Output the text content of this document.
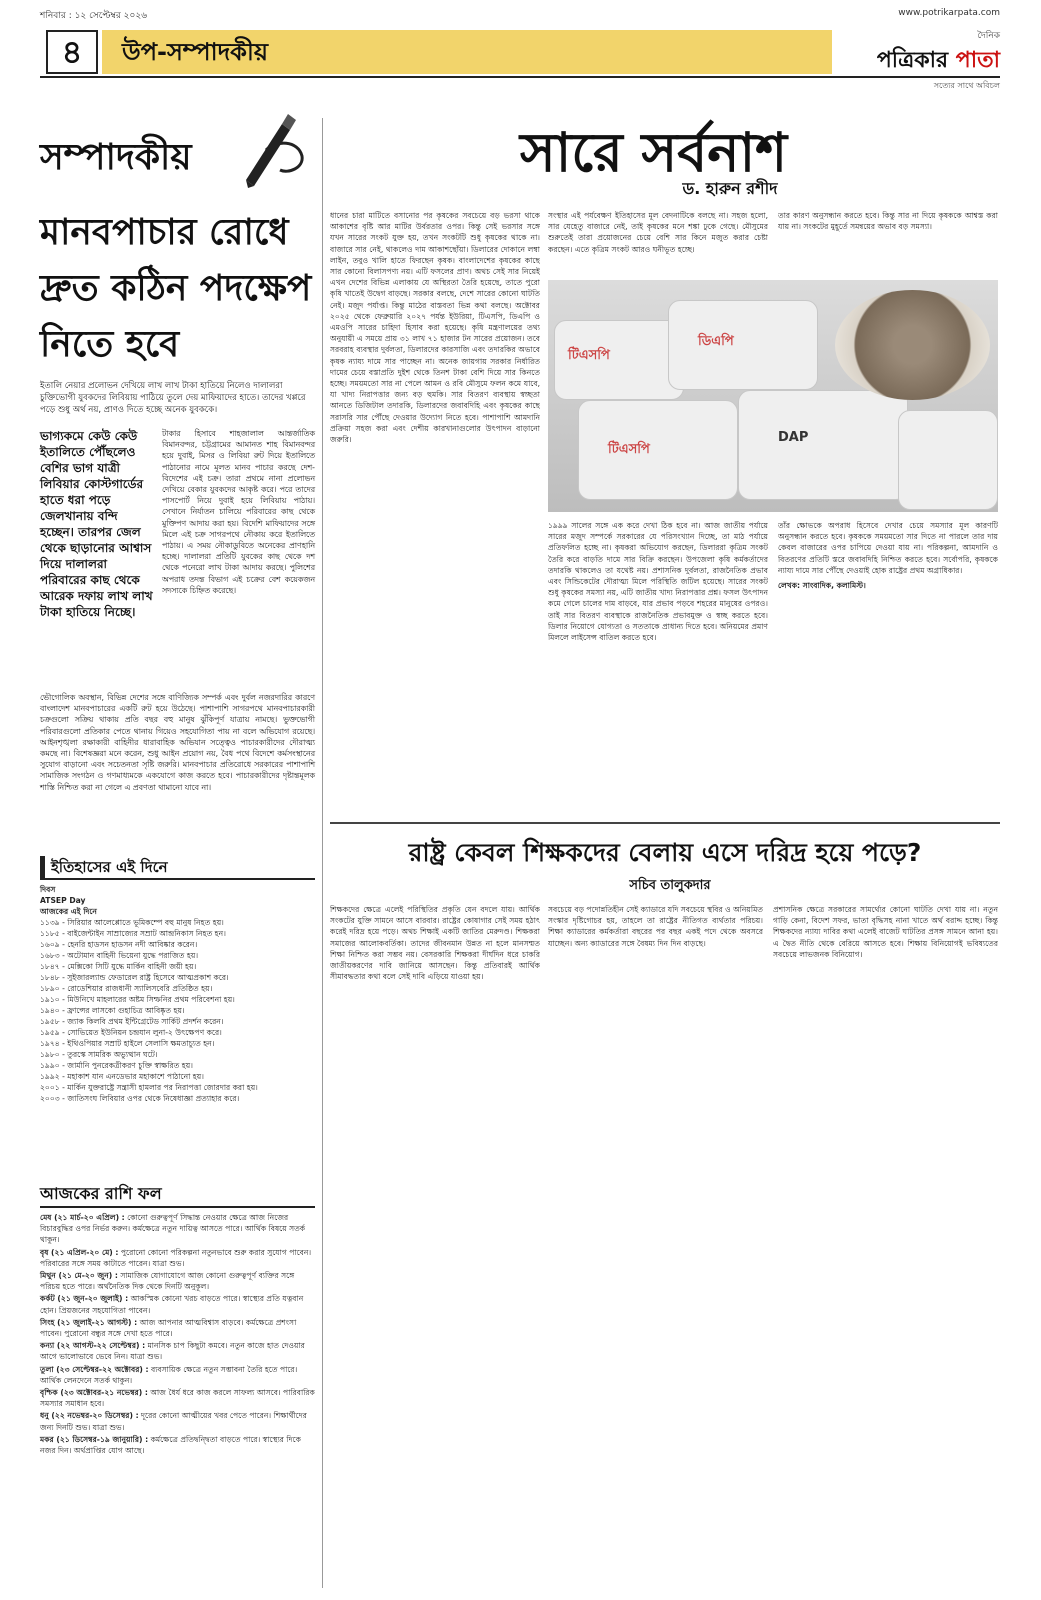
শনিবার : ১২ সেপ্টেম্বর ২০২৬	www.potrikarpata.com
৪	উপ-সম্পাদকীয়
দৈনিক
পত্রিকার পাতা
সত্যের সাথে অবিচল
সম্পাদকীয়
মানবপাচার রোধে দ্রুত কঠিন পদক্ষেপ নিতে হবে
ইতালি নেয়ার প্রলোভন দেখিয়ে লাখ লাখ টাকা হাতিয়ে নিলেও দালালরা চুক্তিভোগী যুবকদের লিবিয়ায় পাঠিয়ে তুলে দেয় মাফিয়াদের হাতে। তাদের খপ্পরে পড়ে শুধু অর্থ নয়, প্রাণও দিতে হচ্ছে অনেক যুবককে।
ভাগ্যকমে কেউ কেউ ইতালিতে পৌঁছলেও বেশির ভাগ যাত্রী লিবিয়ার কোস্টগার্ডের হাতে ধরা পড়ে জেলখানায় বন্দি হচ্ছেন। তারপর জেল থেকে ছাড়ানোর আশ্বাস দিয়ে দালালরা পরিবারের কাছ থেকে আরেক দফায় লাখ লাখ টাকা হাতিয়ে নিচ্ছে।
টাকার হিসাবে শাহজালাল আন্তর্জাতিক বিমানবন্দর, চট্টগ্রামের আমানত শাহ বিমানবন্দর হয়ে দুবাই, মিসর ও লিবিয়া রুট দিয়ে ইতালিতে পাঠানোর নামে মূলত মানব পাচার করছে দেশ-বিদেশের এই চক্র। তারা প্রথমে নানা প্রলোভন দেখিয়ে বেকার যুবকদের আকৃষ্ট করে। পরে তাদের পাসপোর্ট নিয়ে দুবাই হয়ে লিবিয়ায় পাঠায়। সেখানে নির্যাতন চালিয়ে পরিবারের কাছ থেকে মুক্তিপণ আদায় করা হয়। বিদেশি মাফিয়াদের সঙ্গে মিলে এই চক্র সাগরপথে নৌকায় করে ইতালিতে পাঠায়। এ সময় নৌকাডুবিতে অনেকের প্রাণহানি হচ্ছে। দালালরা প্রতিটি যুবকের কাছ থেকে দশ থেকে পনেরো লাখ টাকা আদায় করছে। পুলিশের অপরাধ তদন্ত বিভাগ এই চক্রের বেশ কয়েকজন সদস্যকে চিহ্নিত করেছে।
ভৌগোলিক অবস্থান, বিভিন্ন দেশের সঙ্গে বাণিজ্যিক সম্পর্ক এবং দুর্বল নজরদারির কারণে বাংলাদেশ মানবপাচারের একটি রুট হয়ে উঠেছে। পাশাপাশি সাগরপথে মানবপাচারকারী চক্রগুলো সক্রিয় থাকায় প্রতি বছর বহু মানুষ ঝুঁকিপূর্ণ যাত্রায় নামছে। ভুক্তভোগী পরিবারগুলো প্রতিকার পেতে থানায় গিয়েও সহযোগিতা পায় না বলে অভিযোগ রয়েছে। আইনশৃঙ্খলা রক্ষাকারী বাহিনীর ধারাবাহিক অভিযান সত্ত্বেও পাচারকারীদের দৌরাত্ম্য কমছে না। বিশেষজ্ঞরা মনে করেন, শুধু আইন প্রয়োগ নয়, বৈধ পথে বিদেশে কর্মসংস্থানের সুযোগ বাড়ানো এবং সচেতনতা সৃষ্টি জরুরি। মানবপাচার প্রতিরোধে সরকারের পাশাপাশি সামাজিক সংগঠন ও গণমাধ্যমকে একযোগে কাজ করতে হবে। পাচারকারীদের দৃষ্টান্তমূলক শাস্তি নিশ্চিত করা না গেলে এ প্রবণতা থামানো যাবে না।
ইতিহাসের এই দিনে
দিবস
ATSEP Day
আজকের এই দিনে
১১৩৯ - সিরিয়ার আলেপ্পোতে ভূমিকম্পে বহু মানুষ নিহত হয়।
১১৮৫ - বাইজেন্টাইন সাম্রাজ্যের সম্রাট আন্দ্রনিকাস নিহত হন।
১৬০৯ - হেনরি হাডসন হাডসন নদী আবিষ্কার করেন।
১৬৮৩ - অটোমান বাহিনী ভিয়েনা যুদ্ধে পরাজিত হয়।
১৮৪৭ - মেক্সিকো সিটি যুদ্ধে মার্কিন বাহিনী জয়ী হয়।
১৮৪৮ - সুইজারল্যান্ড ফেডারেল রাষ্ট্র হিসেবে আত্মপ্রকাশ করে।
১৮৯০ - রোডেশিয়ার রাজধানী স্যালিসবেরি প্রতিষ্ঠিত হয়।
১৯১০ - মিউনিখে মাহলারের অষ্টম সিম্ফনির প্রথম পরিবেশনা হয়।
১৯৪০ - ফ্রান্সের লাসকো গুহাচিত্র আবিষ্কৃত হয়।
১৯৫৮ - জ্যাক কিলবি প্রথম ইন্টিগ্রেটেড সার্কিট প্রদর্শন করেন।
১৯৫৯ - সোভিয়েত ইউনিয়ন চন্দ্রযান লুনা-২ উৎক্ষেপণ করে।
১৯৭৪ - ইথিওপিয়ার সম্রাট হাইলে সেলাসি ক্ষমতাচ্যুত হন।
১৯৮০ - তুরস্কে সামরিক অভ্যুত্থান ঘটে।
১৯৯০ - জার্মানি পুনরেকত্রীকরণ চুক্তি স্বাক্ষরিত হয়।
১৯৯২ - মহাকাশ যান এনডেভার মহাকাশে পাঠানো হয়।
২০০১ - মার্কিন যুক্তরাষ্ট্রে সন্ত্রাসী হামলার পর নিরাপত্তা জোরদার করা হয়।
২০০৩ - জাতিসংঘ লিবিয়ার ওপর থেকে নিষেধাজ্ঞা প্রত্যাহার করে।
আজকের রাশি ফল
মেষ (২১ মার্চ-২০ এপ্রিল) : কোনো গুরুত্বপূর্ণ সিদ্ধান্ত নেওয়ার ক্ষেত্রে আজ নিজের বিচারবুদ্ধির ওপর নির্ভর করুন। কর্মক্ষেত্রে নতুন দায়িত্ব আসতে পারে। আর্থিক বিষয়ে সতর্ক থাকুন।
বৃষ (২১ এপ্রিল-২০ মে) : পুরোনো কোনো পরিকল্পনা নতুনভাবে শুরু করার সুযোগ পাবেন। পরিবারের সঙ্গে সময় কাটাতে পারেন। যাত্রা শুভ।
মিথুন (২১ মে-২০ জুন) : সামাজিক যোগাযোগে আজ কোনো গুরুত্বপূর্ণ ব্যক্তির সঙ্গে পরিচয় হতে পারে। অর্থনৈতিক দিক থেকে দিনটি অনুকূল।
কর্কট (২১ জুন-২০ জুলাই) : আকস্মিক কোনো খরচ বাড়তে পারে। স্বাস্থ্যের প্রতি যত্নবান হোন। প্রিয়জনের সহযোগিতা পাবেন।
সিংহ (২১ জুলাই-২১ আগস্ট) : আজ আপনার আত্মবিশ্বাস বাড়বে। কর্মক্ষেত্রে প্রশংসা পাবেন। পুরোনো বন্ধুর সঙ্গে দেখা হতে পারে।
কন্যা (২২ আগস্ট-২২ সেপ্টেম্বর) : মানসিক চাপ কিছুটা কমবে। নতুন কাজে হাত দেওয়ার আগে ভালোভাবে ভেবে নিন। যাত্রা শুভ।
তুলা (২৩ সেপ্টেম্বর-২২ অক্টোবর) : ব্যবসায়িক ক্ষেত্রে নতুন সম্ভাবনা তৈরি হতে পারে। আর্থিক লেনদেনে সতর্ক থাকুন।
বৃশ্চিক (২৩ অক্টোবর-২১ নভেম্বর) : আজ ধৈর্য ধরে কাজ করলে সাফল্য আসবে। পারিবারিক সমস্যার সমাধান হবে।
ধনু (২২ নভেম্বর-২০ ডিসেম্বর) : দূরের কোনো আত্মীয়ের খবর পেতে পারেন। শিক্ষার্থীদের জন্য দিনটি শুভ। যাত্রা শুভ।
মকর (২১ ডিসেম্বর-১৯ জানুয়ারি) : কর্মক্ষেত্রে প্রতিদ্বন্দ্বিতা বাড়তে পারে। স্বাস্থ্যের দিকে নজর দিন। অর্থপ্রাপ্তির যোগ আছে।
সারে সর্বনাশ
ড. হারুন রশীদ
ধানের চারা মাটিতে বসানোর পর কৃষকের সবচেয়ে বড় ভরসা থাকে আকাশের বৃষ্টি আর মাটির উর্বরতার ওপর। কিন্তু সেই ভরসার সঙ্গে যখন সারের সংকট যুক্ত হয়, তখন সংকটটি শুধু কৃষকের থাকে না। বাজারে সার নেই, থাকলেও দাম আকাশছোঁয়া। ডিলারের দোকানে লম্বা লাইন, তবুও খালি হাতে ফিরছেন কৃষক। বাংলাদেশের কৃষকের কাছে সার কোনো বিলাসপণ্য নয়। এটি ফসলের প্রাণ। অথচ সেই সার নিয়েই এখন দেশের বিভিন্ন এলাকায় যে অস্থিরতা তৈরি হয়েছে, তাতে পুরো কৃষি খাতেই উদ্বেগ বাড়ছে। সরকার বলছে, দেশে সারের কোনো ঘাটতি নেই। মজুদ পর্যাপ্ত। কিন্তু মাঠের বাস্তবতা ভিন্ন কথা বলছে। অক্টোবর ২০২৫ থেকে ফেব্রুয়ারি ২০২৭ পর্যন্ত ইউরিয়া, টিএসপি, ডিএপি ও এমওপি সারের চাহিদা হিসাব করা হয়েছে। কৃষি মন্ত্রণালয়ের তথ্য অনুযায়ী এ সময়ে প্রায় ৩১ লাখ ৭১ হাজার টন সারের প্রয়োজন। তবে সরবরাহ ব্যবস্থার দুর্বলতা, ডিলারদের কারসাজি এবং তদারকির অভাবে কৃষক ন্যায্য দামে সার পাচ্ছেন না। অনেক জায়গায় সরকার নির্ধারিত দামের চেয়ে বস্তাপ্রতি দুইশ থেকে তিনশ টাকা বেশি দিয়ে সার কিনতে হচ্ছে। সময়মতো সার না পেলে আমন ও রবি মৌসুমে ফলন কমে যাবে, যা খাদ্য নিরাপত্তার জন্য বড় হুমকি। সার বিতরণ ব্যবস্থায় স্বচ্ছতা আনতে ডিজিটাল তদারকি, ডিলারদের জবাবদিহি এবং কৃষকের কাছে সরাসরি সার পৌঁছে দেওয়ার উদ্যোগ নিতে হবে। পাশাপাশি আমদানি প্রক্রিয়া সহজ করা এবং দেশীয় কারখানাগুলোর উৎপাদন বাড়ানো জরুরি।
সংস্থার এই পর্যবেক্ষণ ইতিহাসের মূল বেদনাটিকে বলছে না। সহজ হলো, সার যেহেতু বাজারে নেই, তাই কৃষকের মনে শঙ্কা ঢুকে গেছে। মৌসুমের শুরুতেই তারা প্রয়োজনের চেয়ে বেশি সার কিনে মজুত করার চেষ্টা করছেন। এতে কৃত্রিম সংকট আরও ঘনীভূত হচ্ছে।
তার কারণ অনুসন্ধান করতে হবে। কিন্তু সার না দিয়ে কৃষককে আশ্বস্ত করা যায় না। সংকটের মুহূর্তে সমন্বয়ের অভাব বড় সমস্যা।
টিএসপি
ডিএপি
DAP
টিএসপি
১৯৯৯ সালের সঙ্গে এক করে দেখা ঠিক হবে না। আজ জাতীয় পর্যায়ে সারের মজুদ সম্পর্কে সরকারের যে পরিসংখ্যান দিচ্ছে, তা মাঠ পর্যায়ে প্রতিফলিত হচ্ছে না। কৃষকরা অভিযোগ করছেন, ডিলাররা কৃত্রিম সংকট তৈরি করে বাড়তি দামে সার বিক্রি করছেন। উপজেলা কৃষি কর্মকর্তাদের তদারকি থাকলেও তা যথেষ্ট নয়। প্রশাসনিক দুর্বলতা, রাজনৈতিক প্রভাব এবং সিন্ডিকেটের দৌরাত্ম্য মিলে পরিস্থিতি জটিল হয়েছে। সারের সংকট শুধু কৃষকের সমস্যা নয়, এটি জাতীয় খাদ্য নিরাপত্তার প্রশ্ন। ফসল উৎপাদন কমে গেলে চালের দাম বাড়বে, যার প্রভাব পড়বে শহরের মানুষের ওপরও। তাই সার বিতরণ ব্যবস্থাকে রাজনৈতিক প্রভাবমুক্ত ও স্বচ্ছ করতে হবে। ডিলার নিয়োগে যোগ্যতা ও সততাকে প্রাধান্য দিতে হবে। অনিয়মের প্রমাণ মিললে লাইসেন্স বাতিল করতে হবে।
তাঁর ক্ষোভকে অপরাধ হিসেবে দেখার চেয়ে সমস্যার মূল কারণটি অনুসন্ধান করতে হবে। কৃষককে সময়মতো সার দিতে না পারলে তার দায় কেবল বাজারের ওপর চাপিয়ে দেওয়া যায় না। পরিকল্পনা, আমদানি ও বিতরণের প্রতিটি স্তরে জবাবদিহি নিশ্চিত করতে হবে। সর্বোপরি, কৃষককে ন্যায্য দামে সার পৌঁছে দেওয়াই হোক রাষ্ট্রের প্রথম অগ্রাধিকার।
লেখক: সাংবাদিক, কলামিস্ট।
রাষ্ট্র কেবল শিক্ষকদের বেলায় এসে দরিদ্র হয়ে পড়ে?
সচিব তালুকদার
শিক্ষকদের ক্ষেত্রে এলেই পরিস্থিতির প্রকৃতি যেন বদলে যায়। আর্থিক সংকটের যুক্তি সামনে আসে বারবার। রাষ্ট্রের কোষাগার সেই সময় হঠাৎ করেই দরিদ্র হয়ে পড়ে। অথচ শিক্ষাই একটি জাতির মেরুদণ্ড। শিক্ষকরা সমাজের আলোকবর্তিকা। তাদের জীবনমান উন্নত না হলে মানসম্মত শিক্ষা নিশ্চিত করা সম্ভব নয়। বেসরকারি শিক্ষকরা দীর্ঘদিন ধরে চাকরি জাতীয়করণের দাবি জানিয়ে আসছেন। কিন্তু প্রতিবারই আর্থিক সীমাবদ্ধতার কথা বলে সেই দাবি এড়িয়ে যাওয়া হয়।
সবচেয়ে বড় পদোন্নতিহীন সেই ক্যাডারে যদি সবচেয়ে স্থবির ও অনিয়মিত সংস্কার দৃষ্টিগোচর হয়, তাহলে তা রাষ্ট্রের নীতিগত ব্যর্থতার পরিচয়। শিক্ষা ক্যাডারের কর্মকর্তারা বছরের পর বছর একই পদে থেকে অবসরে যাচ্ছেন। অন্য ক্যাডারের সঙ্গে বৈষম্য দিন দিন বাড়ছে।
প্রশাসনিক ক্ষেত্রে সরকারের সামর্থ্যের কোনো ঘাটতি দেখা যায় না। নতুন গাড়ি কেনা, বিদেশ সফর, ভাতা বৃদ্ধিসহ নানা খাতে অর্থ বরাদ্দ হচ্ছে। কিন্তু শিক্ষকদের ন্যায্য দাবির কথা এলেই বাজেট ঘাটতির প্রসঙ্গ সামনে আনা হয়। এ দ্বৈত নীতি থেকে বেরিয়ে আসতে হবে। শিক্ষায় বিনিয়োগই ভবিষ্যতের সবচেয়ে লাভজনক বিনিয়োগ।
